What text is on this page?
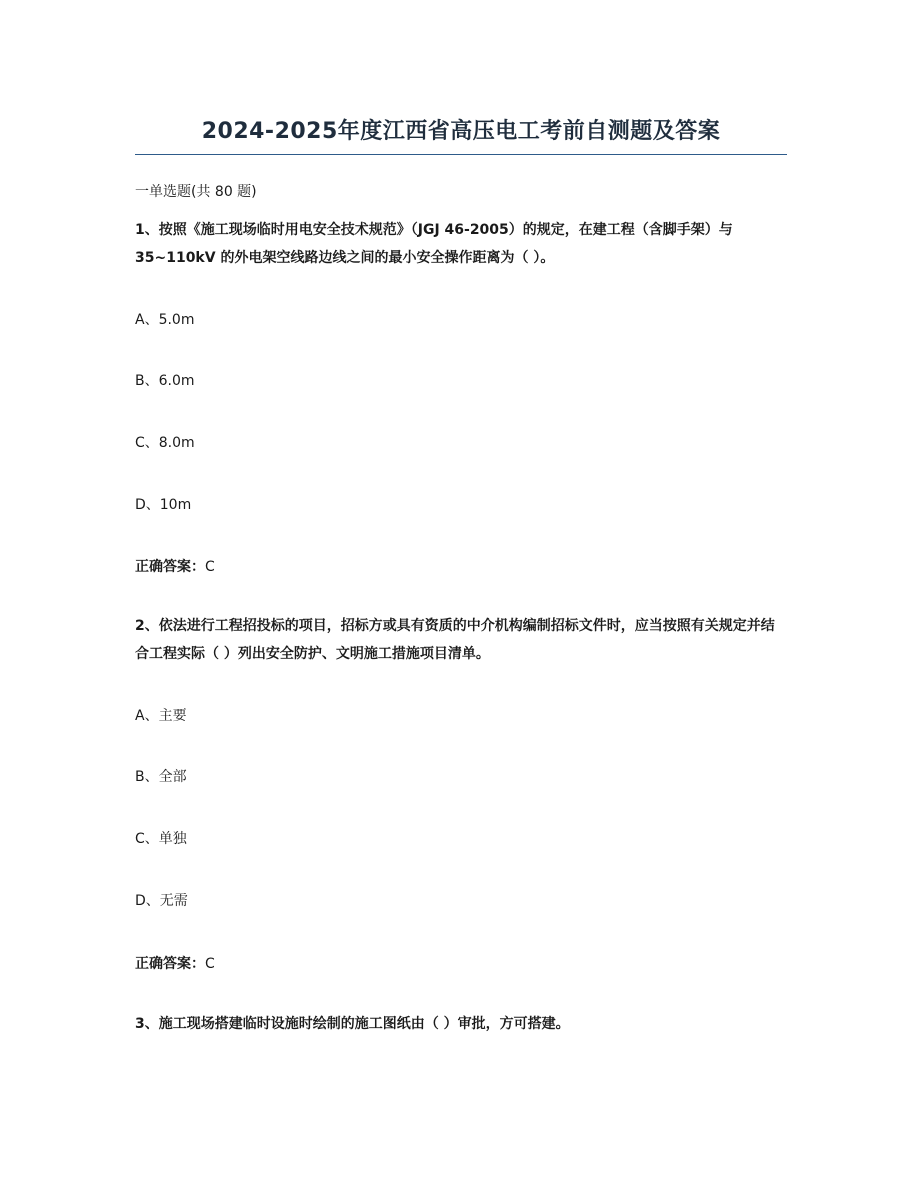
2024-2025年度江西省高压电工考前自测题及答案
一单选题(共 80 题)
1、按照《施工现场临时用电安全技术规范》（JGJ 46-2005）的规定，在建工程（含脚手架）与 35~110kV 的外电架空线路边线之间的最小安全操作距离为（ ）。
A、5.0m
B、6.0m
C、8.0m
D、10m
正确答案：C
2、依法进行工程招投标的项目，招标方或具有资质的中介机构编制招标文件时，应当按照有关规定并结合工程实际（ ）列出安全防护、文明施工措施项目清单。
A、主要
B、全部
C、单独
D、无需
正确答案：C
3、施工现场搭建临时设施时绘制的施工图纸由（ ）审批，方可搭建。
